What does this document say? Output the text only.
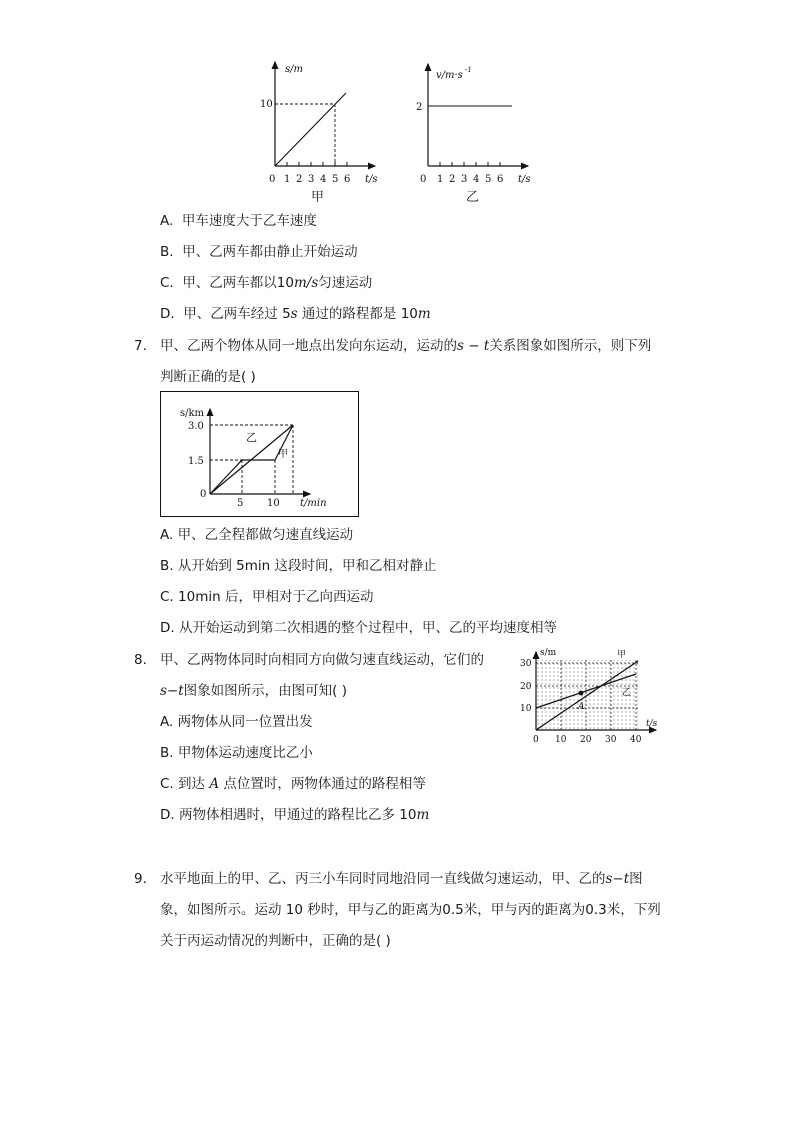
s/m
10
0 1 2 3 4 5 6 t/s
甲
v/m·s -1
2
0 1 2 3 4 5 6 t/s
乙
A. 甲车速度大于乙车速度
B. 甲、乙两车都由静止开始运动
C. 甲、乙两车都以10m/s匀速运动
D. 甲、乙两车经过 5s 通过的路程都是 10m
7. 甲、乙两个物体从同一地点出发向东运动，运动的s − t关系图象如图所示，则下列
判断正确的是( )
s/km
3.0
1.5
0
乙
甲
5 10 t/min
A. 甲、乙全程都做匀速直线运动
B. 从开始到 5min 这段时间，甲和乙相对静止
C. 10min 后，甲相对于乙向西运动
D. 从开始运动到第二次相遇的整个过程中，甲、乙的平均速度相等
8. 甲、乙两物体同时向相同方向做匀速直线运动，它们的
s−t图象如图所示，由图可知( )
s/m
30
20
10	A
甲
乙
t/s
0 10 20 30 40
A. 两物体从同一位置出发
B. 甲物体运动速度比乙小
C. 到达 A 点位置时，两物体通过的路程相等
D. 两物体相遇时，甲通过的路程比乙多 10m
9. 水平地面上的甲、乙、丙三小车同时同地沿同一直线做匀速运动，甲、乙的s−t图
象，如图所示。运动 10 秒时，甲与乙的距离为0.5米，甲与丙的距离为0.3米，下列
关于丙运动情况的判断中，正确的是( )
